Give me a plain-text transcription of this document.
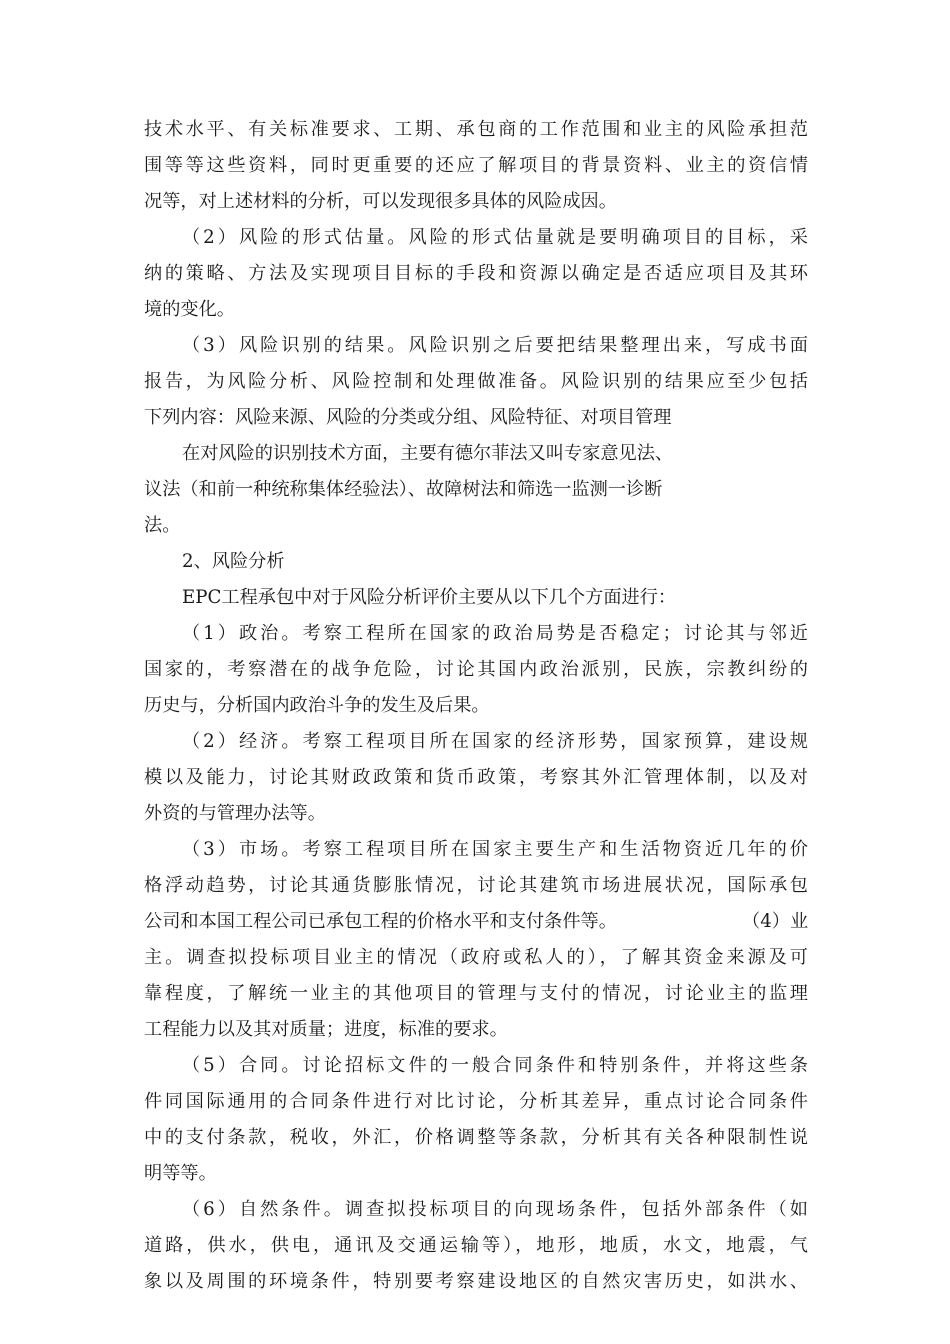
技术水平、有关标准要求、工期、承包商的工作范围和业主的风险承担范
围等等这些资料，同时更重要的还应了解项目的背景资料、业主的资信情
况等，对上述材料的分析，可以发现很多具体的风险成因。
（2）风险的形式估量。风险的形式估量就是要明确项目的目标，采
纳的策略、方法及实现项目目标的手段和资源以确定是否适应项目及其环
境的变化。
（3）风险识别的结果。风险识别之后要把结果整理出来，写成书面
报告，为风险分析、风险控制和处理做准备。风险识别的结果应至少包括
下列内容：风险来源、风险的分类或分组、风险特征、对项目管理
在对风险的识别技术方面，主要有德尔菲法又叫专家意见法、
议法（和前一种统称集体经验法）、故障树法和筛选一监测一诊断
法。
2、风险分析
EPC工程承包中对于风险分析评价主要从以下几个方面进行：
（1）政治。考察工程所在国家的政治局势是否稳定；讨论其与邻近
国家的，考察潜在的战争危险，讨论其国内政治派别，民族，宗教纠纷的
历史与，分析国内政治斗争的发生及后果。
（2）经济。考察工程项目所在国家的经济形势，国家预算，建设规
模以及能力，讨论其财政政策和货币政策，考察其外汇管理体制，以及对
外资的与管理办法等。
（3）市场。考察工程项目所在国家主要生产和生活物资近几年的价
格浮动趋势，讨论其通货膨胀情况，讨论其建筑市场进展状况，国际承包
公司和本国工程公司已承包工程的价格水平和支付条件等。	（4）业
主。调查拟投标项目业主的情况（政府或私人的），了解其资金来源及可
靠程度，了解统一业主的其他项目的管理与支付的情况，讨论业主的监理
工程能力以及其对质量；进度，标准的要求。
（5）合同。讨论招标文件的一般合同条件和特别条件，并将这些条
件同国际通用的合同条件进行对比讨论，分析其差异，重点讨论合同条件
中的支付条款，税收，外汇，价格调整等条款，分析其有关各种限制性说
明等等。
（6）自然条件。调查拟投标项目的向现场条件，包括外部条件（如
道路，供水，供电，通讯及交通运输等），地形，地质，水文，地震，气
象以及周围的环境条件，特别要考察建设地区的自然灾害历史，如洪水、
